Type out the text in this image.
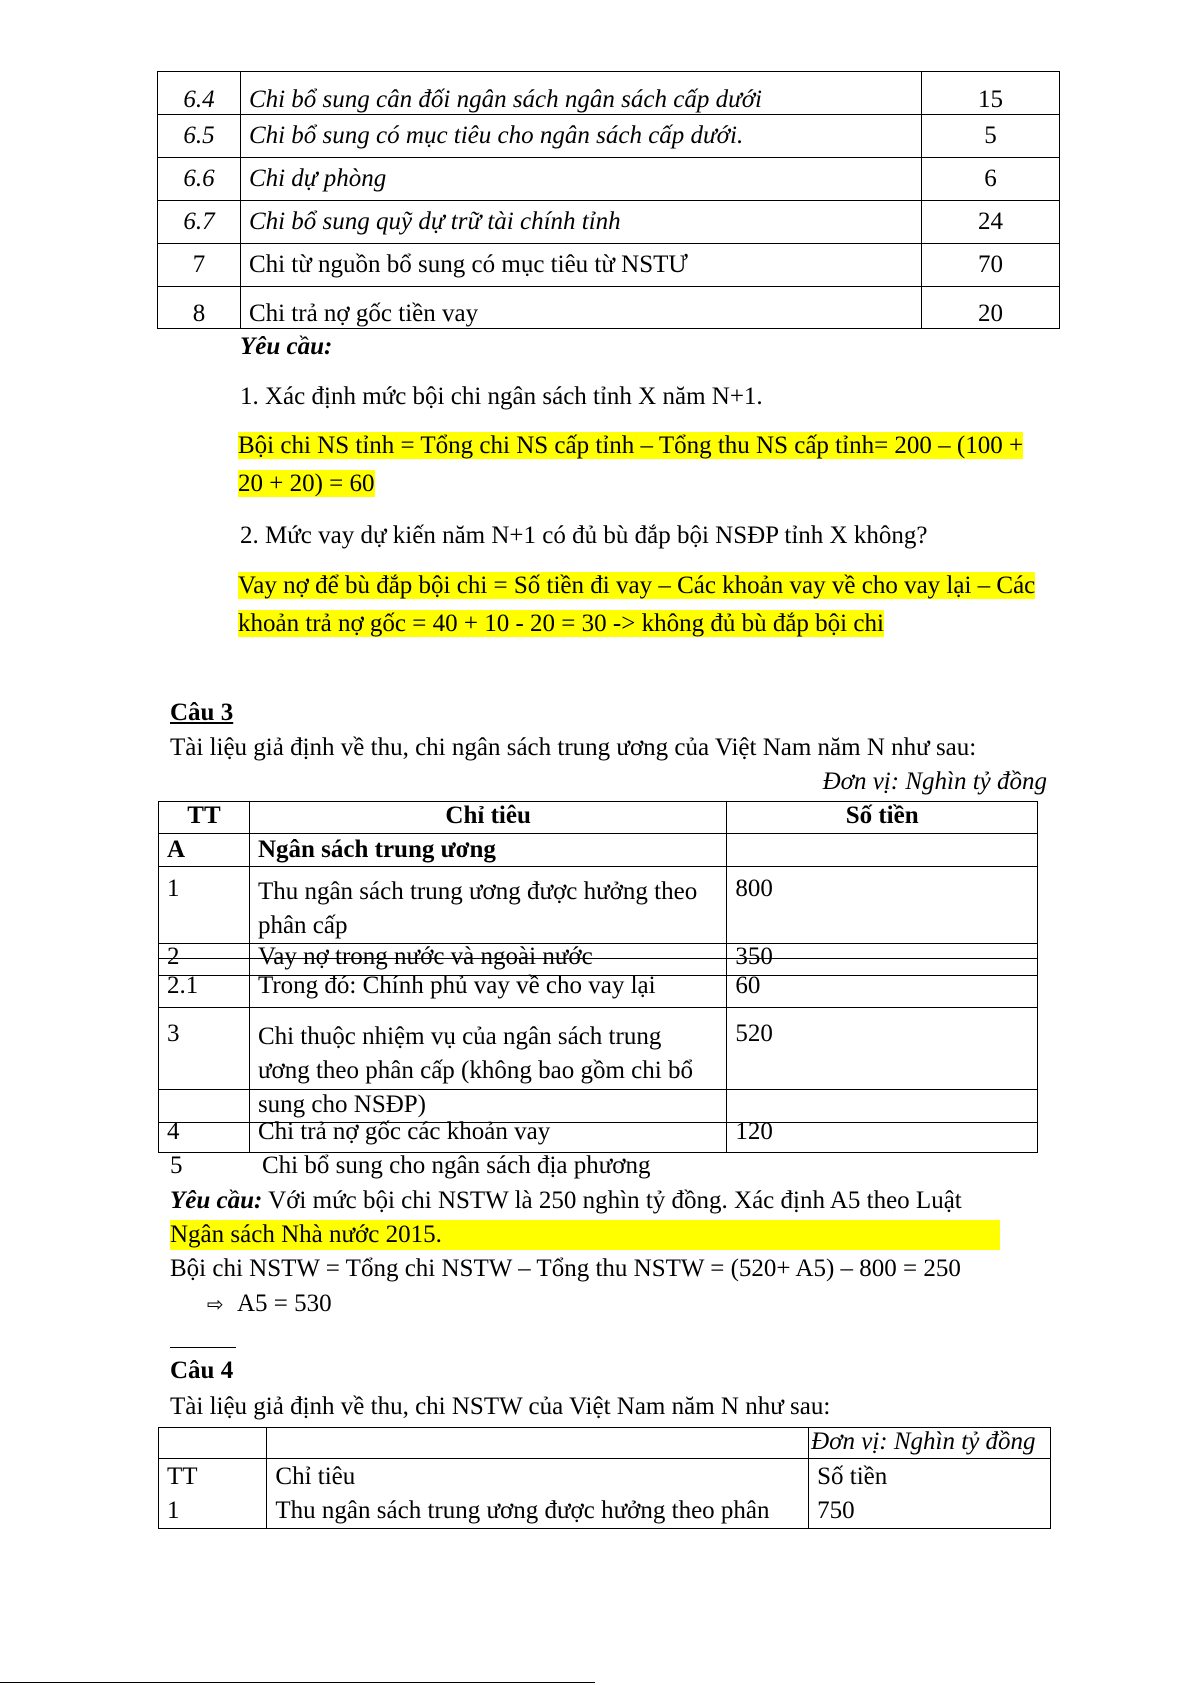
6.4	Chi bổ sung cân đối ngân sách ngân sách cấp dưới	15
6.5	Chi bổ sung có mục tiêu cho ngân sách cấp dưới.	5
6.6	Chi dự phòng	6
6.7	Chi bổ sung quỹ dự trữ tài chính tỉnh	24
7	Chi từ nguồn bổ sung có mục tiêu từ NSTƯ	70
8	Chi trả nợ gốc tiền vay	20
Yêu cầu:
1. Xác định mức bội chi ngân sách tỉnh X năm N+1.
Bội chi NS tỉnh = Tổng chi NS cấp tỉnh – Tổng thu NS cấp tỉnh= 200 – (100 + 20 + 20) = 60
2. Mức vay dự kiến năm N+1 có đủ bù đắp bội NSĐP tỉnh X không?
Vay nợ để bù đắp bội chi = Số tiền đi vay – Các khoản vay về cho vay lại – Các khoản trả nợ gốc = 40 + 10 - 20 = 30 -> không đủ bù đắp bội chi
Câu 3
Tài liệu giả định về thu, chi ngân sách trung ương của Việt Nam năm N như sau:
Đơn vị: Nghìn tỷ đồng
TT	Chỉ tiêu	Số tiền
A	Ngân sách trung ương	
1	Thu ngân sách trung ương được hưởng theo phân cấp	800
2	Vay nợ trong nước và ngoài nước	350
2.1	Trong đó: Chính phủ vay về cho vay lại	60
3	Chi thuộc nhiệm vụ của ngân sách trung ương theo phân cấp (không bao gồm chi bổ sung cho NSĐP)	520
4	Chi trả nợ gốc các khoản vay	120
5	Chi bổ sung cho ngân sách địa phương
Yêu cầu: Với mức bội chi NSTW là 250 nghìn tỷ đồng. Xác định A5 theo Luật
Ngân sách Nhà nước 2015.
Bội chi NSTW = Tổng chi NSTW – Tổng thu NSTW = (520+ A5) – 800 = 250
⇨ A5 = 530
Câu 4
Tài liệu giả định về thu, chi NSTW của Việt Nam năm N như sau:
		Đơn vị: Nghìn tỷ đồng
TT	Chỉ tiêu	Số tiền
1	Thu ngân sách trung ương được hưởng theo phân	750
